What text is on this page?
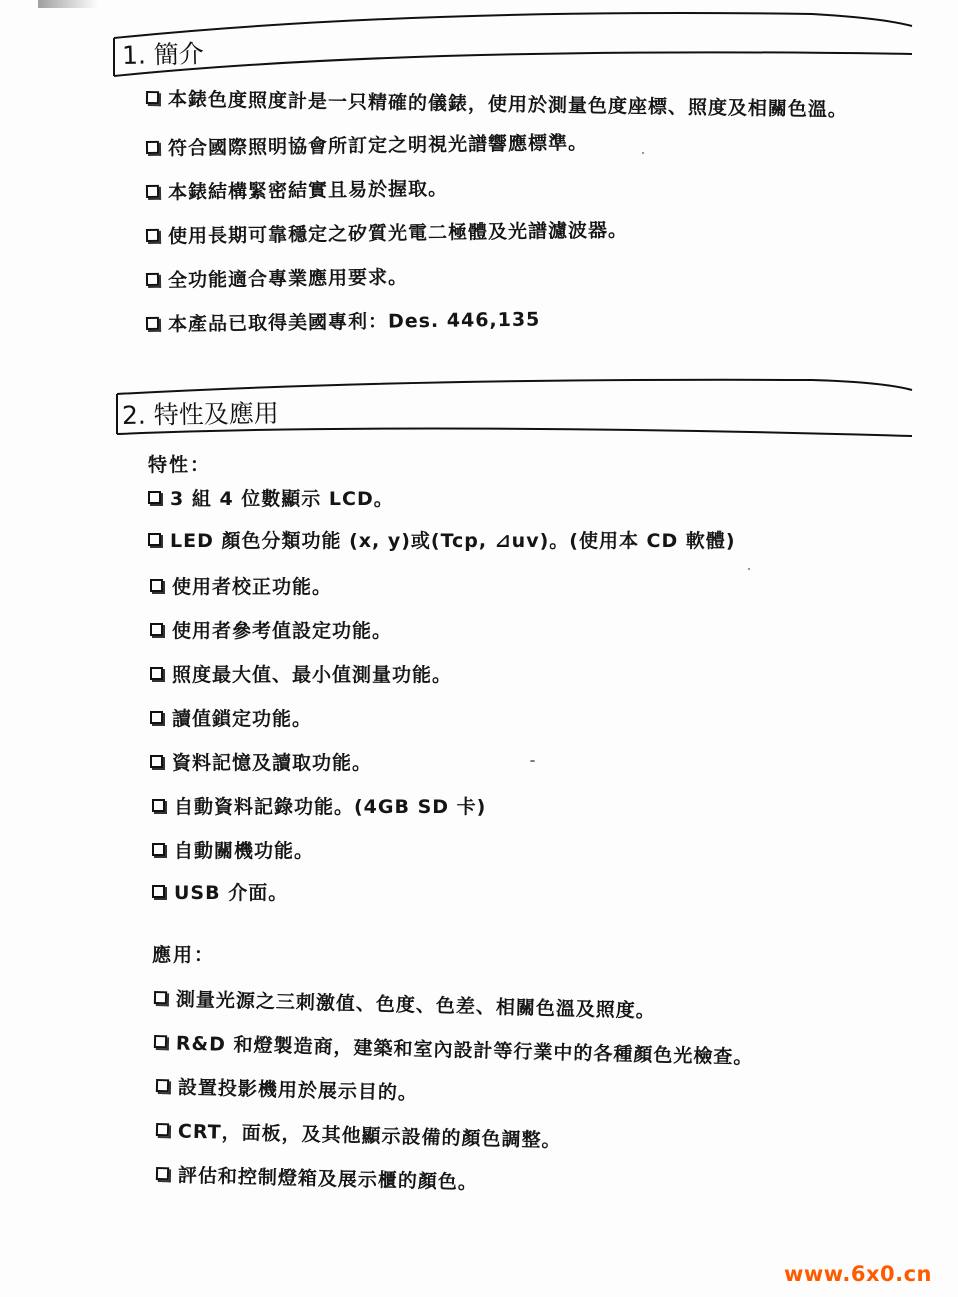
1. 簡介
本錶色度照度計是一只精確的儀錶，使用於測量色度座標、照度及相關色溫。
符合國際照明協會所訂定之明視光譜響應標準。
本錶結構緊密結實且易於握取。
使用長期可靠穩定之矽質光電二極體及光譜濾波器。
全功能適合專業應用要求。
本產品已取得美國專利：Des. 446,135
2. 特性及應用
特性：
3 組 4 位數顯示 LCD。
LED 顏色分類功能 (x, y)或(Tcp, ⊿uv)。(使用本 CD 軟體)
使用者校正功能。
使用者參考值設定功能。
照度最大值、最小值測量功能。
讀值鎖定功能。
資料記憶及讀取功能。
自動資料記錄功能。(4GB SD 卡)
自動關機功能。
USB 介面。
應用：
測量光源之三刺激值、色度、色差、相關色溫及照度。
R&D 和燈製造商，建築和室內設計等行業中的各種顏色光檢查。
設置投影機用於展示目的。
CRT，面板，及其他顯示設備的顏色調整。
評估和控制燈箱及展示櫃的顏色。
www.6x0.cn
